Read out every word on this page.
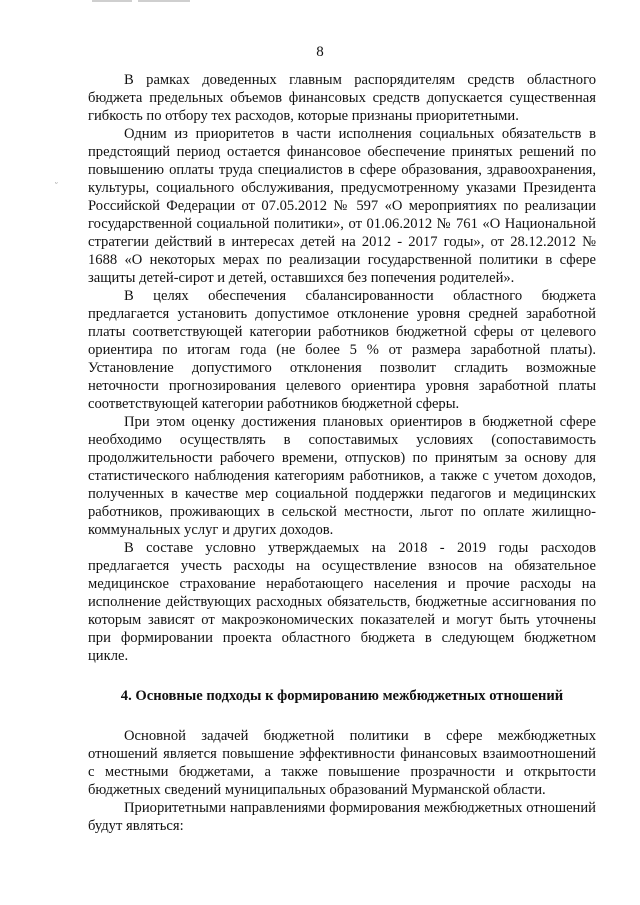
8
ᵕ

В рамках доведенных главным распорядителям средств областного бюджета предельных объемов финансовых средств допускается существенная гибкость по отбору тех расходов, которые признаны приоритетными.

Одним из приоритетов в части исполнения социальных обязательств в предстоящий период остается финансовое обеспечение принятых решений по повышению оплаты труда специалистов в сфере образования, здравоохранения, культуры, социального обслуживания, предусмотренному указами Президента Российской Федерации от 07.05.2012 № 597 «О мероприятиях по реализации государственной социальной политики», от 01.06.2012 № 761 «О Национальной стратегии действий в интересах детей на 2012 - 2017 годы», от 28.12.2012 № 1688 «О некоторых мерах по реализации государственной политики в сфере защиты детей-сирот и детей, оставшихся без попечения родителей».

В целях обеспечения сбалансированности областного бюджета предлагается установить допустимое отклонение уровня средней заработной платы соответствующей категории работников бюджетной сферы от целевого ориентира по итогам года (не более 5 % от размера заработной платы). Установление допустимого отклонения позволит сгладить возможные неточности прогнозирования целевого ориентира уровня заработной платы соответствующей категории работников бюджетной сферы.

При этом оценку достижения плановых ориентиров в бюджетной сфере необходимо осуществлять в сопоставимых условиях (сопоставимость продолжительности рабочего времени, отпусков) по принятым за основу для статистического наблюдения категориям работников, а также с учетом доходов, полученных в качестве мер социальной поддержки педагогов и медицинских работников, проживающих в сельской местности, льгот по оплате жилищно-коммунальных услуг и других доходов.

В составе условно утверждаемых на 2018 - 2019 годы расходов предлагается учесть расходы на осуществление взносов на обязательное медицинское страхование неработающего населения и прочие расходы на исполнение действующих расходных обязательств, бюджетные ассигнования по которым зависят от макроэкономических показателей и могут быть уточнены при формировании проекта областного бюджета в следующем бюджетном цикле.

4. Основные подходы к формированию межбюджетных отношений

Основной задачей бюджетной политики в сфере межбюджетных отношений является повышение эффективности финансовых взаимоотношений с местными бюджетами, а также повышение прозрачности и открытости бюджетных сведений муниципальных образований Мурманской области.

Приоритетными направлениями формирования межбюджетных отношений будут являться:
